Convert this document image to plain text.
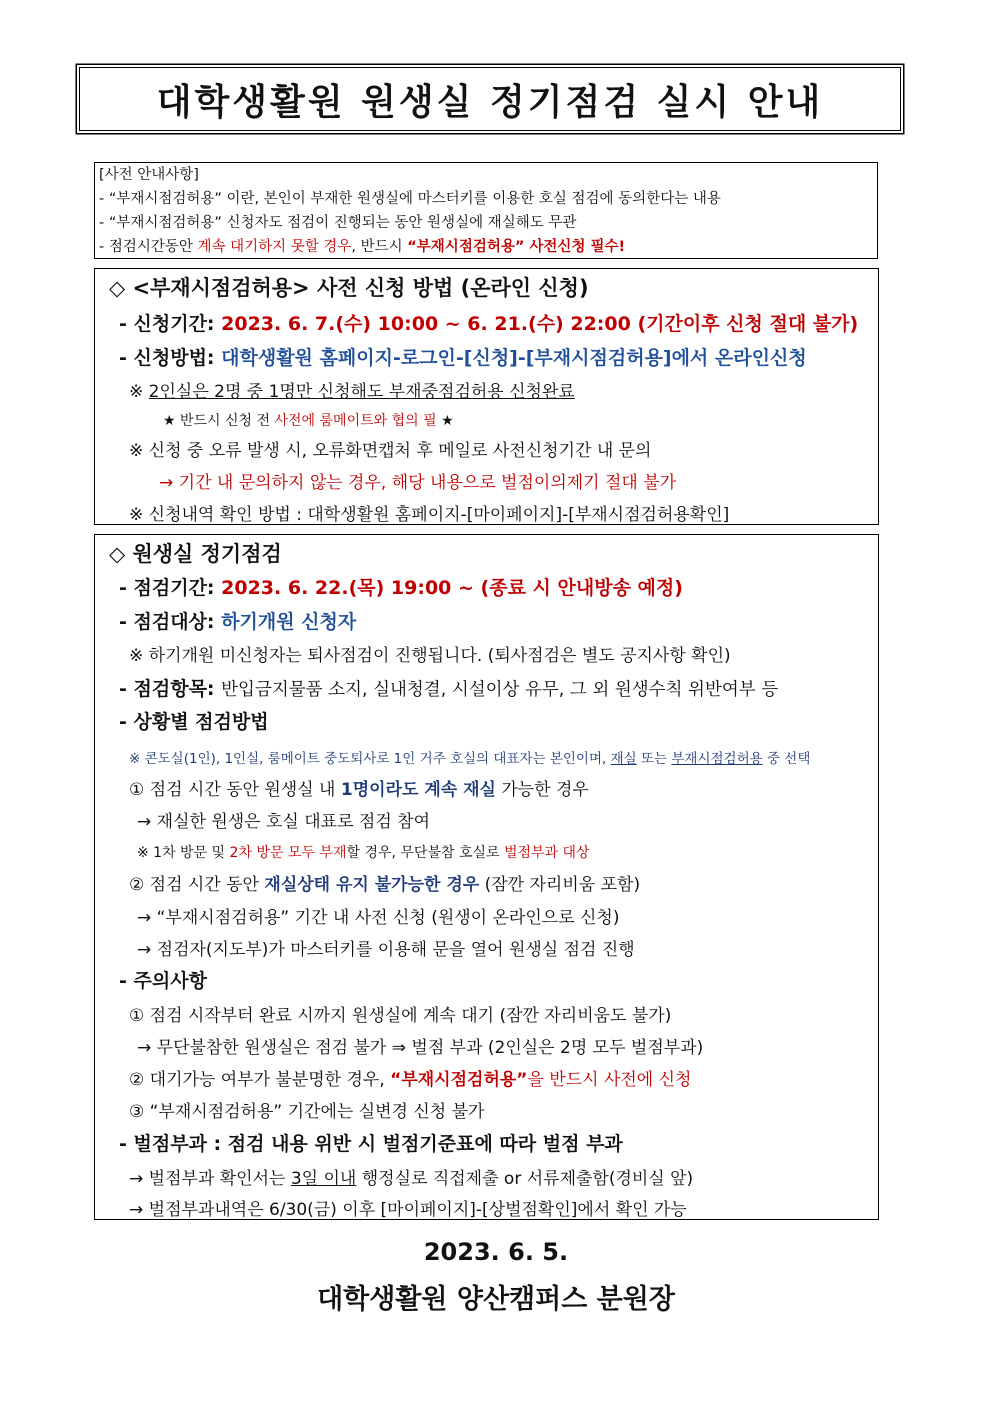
대학생활원 원생실 정기점검 실시 안내
[사전 안내사항]
- “부재시점검허용” 이란, 본인이 부재한 원생실에 마스터키를 이용한 호실 점검에 동의한다는 내용
- “부재시점검허용” 신청자도 점검이 진행되는 동안 원생실에 재실해도 무관
- 점검시간동안 계속 대기하지 못할 경우, 반드시 “부재시점검허용” 사전신청 필수!
◇ <부재시점검허용> 사전 신청 방법 (온라인 신청)
- 신청기간: 2023. 6. 7.(수) 10:00 ~ 6. 21.(수) 22:00 (기간이후 신청 절대 불가)
- 신청방법: 대학생활원 홈페이지-로그인-[신청]-[부재시점검허용]에서 온라인신청
※ 2인실은 2명 중 1명만 신청해도 부재중점검허용 신청완료
★ 반드시 신청 전 사전에 룸메이트와 협의 필 ★
※ 신청 중 오류 발생 시, 오류화면캡처 후 메일로 사전신청기간 내 문의
→ 기간 내 문의하지 않는 경우, 해당 내용으로 벌점이의제기 절대 불가
※ 신청내역 확인 방법 : 대학생활원 홈페이지-[마이페이지]-[부재시점검허용확인]
◇ 원생실 정기점검
- 점검기간: 2023. 6. 22.(목) 19:00 ~ (종료 시 안내방송 예정)
- 점검대상: 하기개원 신청자
※ 하기개원 미신청자는 퇴사점검이 진행됩니다. (퇴사점검은 별도 공지사항 확인)
- 점검항목: 반입금지물품 소지, 실내청결, 시설이상 유무, 그 외 원생수칙 위반여부 등
- 상황별 점검방법
※ 콘도실(1인), 1인실, 룸메이트 중도퇴사로 1인 거주 호실의 대표자는 본인이며, 재실 또는 부재시점검허용 중 선택
① 점검 시간 동안 원생실 내 1명이라도 계속 재실 가능한 경우
→ 재실한 원생은 호실 대표로 점검 참여
※ 1차 방문 및 2차 방문 모두 부재할 경우, 무단불참 호실로 벌점부과 대상
② 점검 시간 동안 재실상태 유지 불가능한 경우 (잠깐 자리비움 포함)
→ “부재시점검허용” 기간 내 사전 신청 (원생이 온라인으로 신청)
→ 점검자(지도부)가 마스터키를 이용해 문을 열어 원생실 점검 진행
- 주의사항
① 점검 시작부터 완료 시까지 원생실에 계속 대기 (잠깐 자리비움도 불가)
→ 무단불참한 원생실은 점검 불가 ⇒ 벌점 부과 (2인실은 2명 모두 벌점부과)
② 대기가능 여부가 불분명한 경우, “부재시점검허용”을 반드시 사전에 신청
③ “부재시점검허용” 기간에는 실변경 신청 불가
- 벌점부과 : 점검 내용 위반 시 벌점기준표에 따라 벌점 부과
→ 벌점부과 확인서는 3일 이내 행정실로 직접제출 or 서류제출함(경비실 앞)
→ 벌점부과내역은 6/30(금) 이후 [마이페이지]-[상벌점확인]에서 확인 가능
2023. 6. 5.
대학생활원 양산캠퍼스 분원장
